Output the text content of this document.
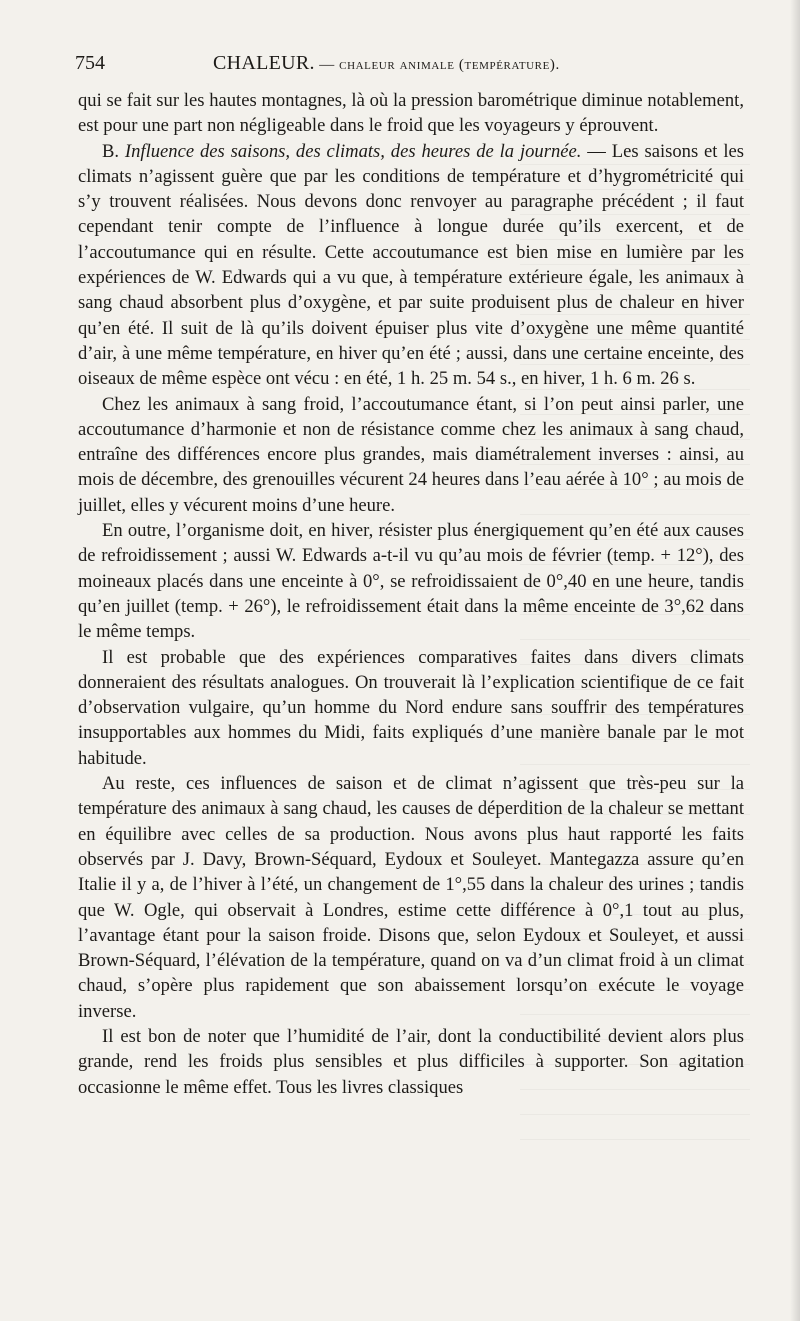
754	CHALEUR. — chaleur animale (température).

qui se fait sur les hautes montagnes, là où la pression barométrique diminue notablement, est pour une part non négligeable dans le froid que les voyageurs y éprouvent.

B. Influence des saisons, des climats, des heures de la journée. — Les saisons et les climats n’agissent guère que par les conditions de température et d’hygrométricité qui s’y trouvent réalisées. Nous devons donc renvoyer au paragraphe précédent ; il faut cependant tenir compte de l’influence à longue durée qu’ils exercent, et de l’accoutumance qui en résulte. Cette accoutumance est bien mise en lumière par les expériences de W. Edwards qui a vu que, à température extérieure égale, les animaux à sang chaud absorbent plus d’oxygène, et par suite produisent plus de chaleur en hiver qu’en été. Il suit de là qu’ils doivent épuiser plus vite d’oxygène une même quantité d’air, à une même température, en hiver qu’en été ; aussi, dans une certaine enceinte, des oiseaux de même espèce ont vécu : en été, 1 h. 25 m. 54 s., en hiver, 1 h. 6 m. 26 s.

Chez les animaux à sang froid, l’accoutumance étant, si l’on peut ainsi parler, une accoutumance d’harmonie et non de résistance comme chez les animaux à sang chaud, entraîne des différences encore plus grandes, mais diamétralement inverses : ainsi, au mois de décembre, des grenouilles vécurent 24 heures dans l’eau aérée à 10° ; au mois de juillet, elles y vécurent moins d’une heure.

En outre, l’organisme doit, en hiver, résister plus énergiquement qu’en été aux causes de refroidissement ; aussi W. Edwards a-t-il vu qu’au mois de février (temp. + 12°), des moineaux placés dans une enceinte à 0°, se refroidissaient de 0°,40 en une heure, tandis qu’en juillet (temp. + 26°), le refroidissement était dans la même enceinte de 3°,62 dans le même temps.

Il est probable que des expériences comparatives faites dans divers climats donneraient des résultats analogues. On trouverait là l’explication scientifique de ce fait d’observation vulgaire, qu’un homme du Nord endure sans souffrir des températures insupportables aux hommes du Midi, faits expliqués d’une manière banale par le mot habitude.

Au reste, ces influences de saison et de climat n’agissent que très-peu sur la température des animaux à sang chaud, les causes de déperdition de la chaleur se mettant en équilibre avec celles de sa production. Nous avons plus haut rapporté les faits observés par J. Davy, Brown-Séquard, Eydoux et Souleyet. Mantegazza assure qu’en Italie il y a, de l’hiver à l’été, un changement de 1°,55 dans la chaleur des urines ; tandis que W. Ogle, qui observait à Londres, estime cette différence à 0°,1 tout au plus, l’avantage étant pour la saison froide. Disons que, selon Eydoux et Souleyet, et aussi Brown-Séquard, l’élévation de la température, quand on va d’un climat froid à un climat chaud, s’opère plus rapidement que son abaissement lorsqu’on exécute le voyage inverse.

Il est bon de noter que l’humidité de l’air, dont la conductibilité devient alors plus grande, rend les froids plus sensibles et plus difficiles à supporter. Son agitation occasionne le même effet. Tous les livres classiques
